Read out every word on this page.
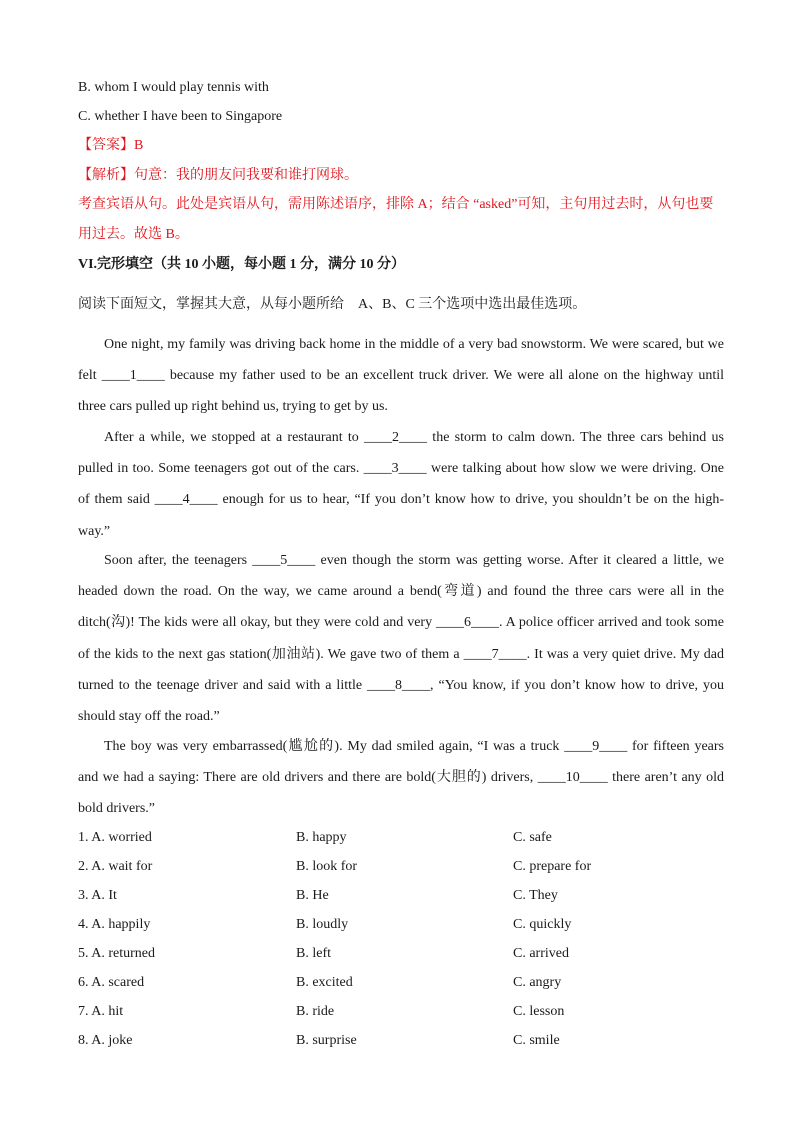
B. whom I would play tennis with
C. whether I have been to Singapore
【答案】B
【解析】句意：我的朋友问我要和谁打网球。
考查宾语从句。此处是宾语从句，需用陈述语序，排除 A；结合 “asked”可知，主句用过去时，从句也要
用过去。故选 B。
VI.完形填空（共 10 小题，每小题 1 分，满分 10 分）
阅读下面短文，掌握其大意，从每小题所给　A、B、C 三个选项中选出最佳选项。
One night, my family was driving back home in the middle of a very bad snowstorm. We were scared, but we
felt ____1____ because my father used to be an excellent truck driver. We were all alone on the highway until
three cars pulled up right behind us, trying to get by us.
After a while, we stopped at a restaurant to ____2____ the storm to calm down. The three cars behind us
pulled in too. Some teenagers got out of the cars. ____3____ were talking about how slow we were driving. One
of them said ____4____ enough for us to hear, “If you don’t know how to drive, you shouldn’t be on the high-
way.”
Soon after, the teenagers ____5____ even though the storm was getting worse. After it cleared a little, we
headed down the road. On the way, we came around a bend(弯道) and found the three cars were all in the
ditch(沟)! The kids were all okay, but they were cold and very ____6____. A police officer arrived and took some
of the kids to the next gas station(加油站). We gave two of them a ____7____. It was a very quiet drive. My dad
turned to the teenage driver and said with a little ____8____, “You know, if you don’t know how to drive, you
should stay off the road.”
The boy was very embarrassed(尴尬的). My dad smiled again, “I was a truck ____9____ for fifteen years
and we had a saying: There are old drivers and there are bold(大胆的) drivers, ____10____ there aren’t any old
bold drivers.”
1. A. worried	B. happy	C. safe
2. A. wait for	B. look for	C. prepare for
3. A. It	B. He	C. They
4. A. happily	B. loudly	C. quickly
5. A. returned	B. left	C. arrived
6. A. scared	B. excited	C. angry
7. A. hit	B. ride	C. lesson
8. A. joke	B. surprise	C. smile
